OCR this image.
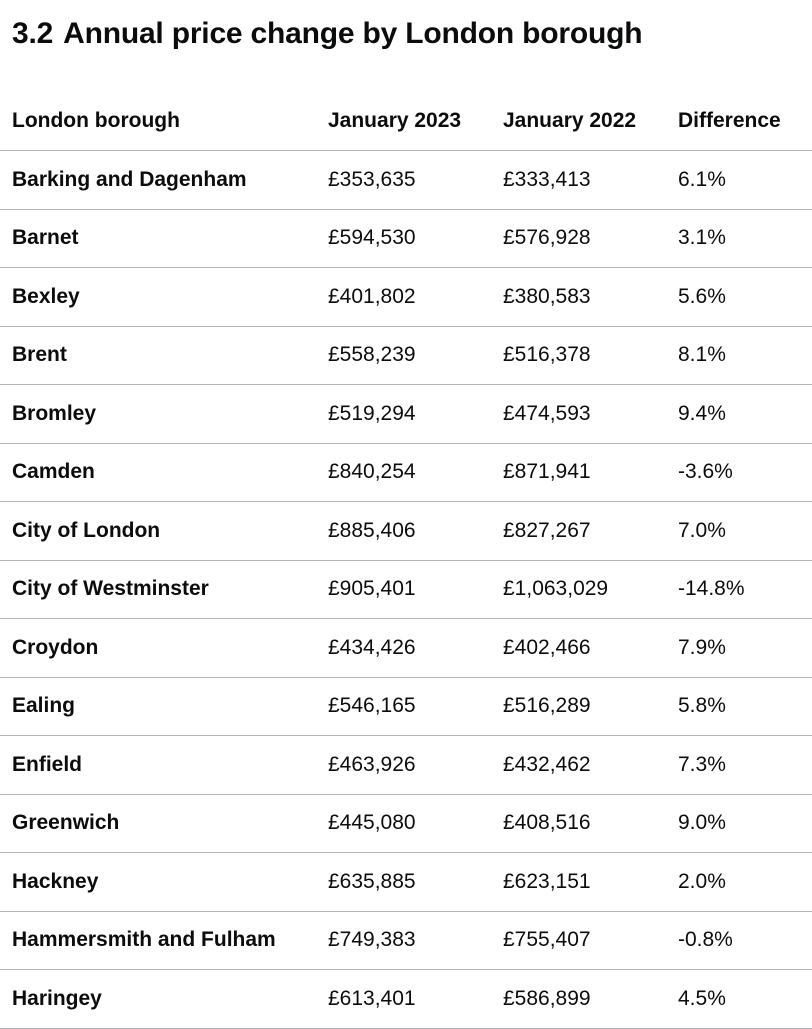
3.2 Annual price change by London borough
London borough	January 2023	January 2022	Difference
Barking and Dagenham	£353,635	£333,413	6.1%
Barnet	£594,530	£576,928	3.1%
Bexley	£401,802	£380,583	5.6%
Brent	£558,239	£516,378	8.1%
Bromley	£519,294	£474,593	9.4%
Camden	£840,254	£871,941	-3.6%
City of London	£885,406	£827,267	7.0%
City of Westminster	£905,401	£1,063,029	-14.8%
Croydon	£434,426	£402,466	7.9%
Ealing	£546,165	£516,289	5.8%
Enfield	£463,926	£432,462	7.3%
Greenwich	£445,080	£408,516	9.0%
Hackney	£635,885	£623,151	2.0%
Hammersmith and Fulham	£749,383	£755,407	-0.8%
Haringey	£613,401	£586,899	4.5%
